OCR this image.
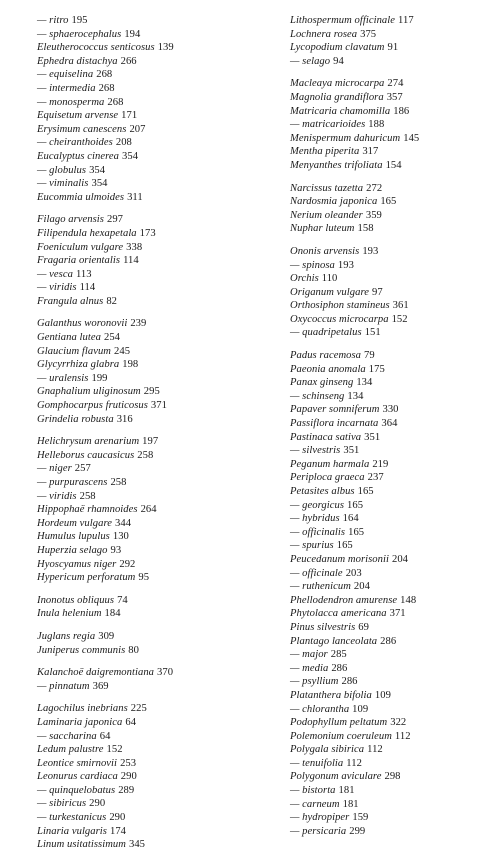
— ritro 195
— sphaerocephalus 194
Eleutherococcus senticosus 139
Ephedra distachya 266
— equiselina 268
— intermedia 268
— monosperma 268
Equisetum arvense 171
Erysimum canescens 207
— cheiranthoides 208
Eucalyptus cinerea 354
— globulus 354
— viminalis 354
Eucommia ulmoides 311
Filago arvensis 297
Filipendula hexapetala 173
Foeniculum vulgare 338
Fragaria orientalis 114
— vesca 113
— viridis 114
Frangula alnus 82
Galanthus woronovii 239
Gentiana lutea 254
Glaucium flavum 245
Glycyrrhiza glabra 198
— uralensis 199
Gnaphalium uliginosum 295
Gomphocarpus fruticosus 371
Grindelia robusta 316
Helichrysum arenarium 197
Helleborus caucasicus 258
— niger 257
— purpurascens 258
— viridis 258
Hippophaë rhamnoides 264
Hordeum vulgare 344
Humulus lupulus 130
Huperzia selago 93
Hyoscyamus niger 292
Hypericum perforatum 95
Inonotus obliquus 74
Inula helenium 184
Juglans regia 309
Juniperus communis 80
Kalanchoë daigremontiana 370
— pinnatum 369
Lagochilus inebrians 225
Laminaria japonica 64
— saccharina 64
Ledum palustre 152
Leontice smirnovii 253
Leonurus cardiaca 290
— quinquelobatus 289
— sibiricus 290
— turkestanicus 290
Linaria vulgaris 174
Linum usitatissimum 345
Lithospermum officinale 117
Lochnera rosea 375
Lycopodium clavatum 91
— selago 94
Macleaya microcarpa 274
Magnolia grandiflora 357
Matricaria chamomilla 186
— matricarioides 188
Menispermum dahuricum 145
Mentha piperita 317
Menyanthes trifoliata 154
Narcissus tazetta 272
Nardosmia japonica 165
Nerium oleander 359
Nuphar luteum 158
Ononis arvensis 193
— spinosa 193
Orchis 110
Origanum vulgare 97
Orthosiphon stamineus 361
Oxycoccus microcarpa 152
— quadripetalus 151
Padus racemosa 79
Paeonia anomala 175
Panax ginseng 134
— schinseng 134
Papaver somniferum 330
Passiflora incarnata 364
Pastinaca sativa 351
— silvestris 351
Peganum harmala 219
Periploca graeca 237
Petasites albus 165
— georgicus 165
— hybridus 164
— officinalis 165
— spurius 165
Peucedanum morisonii 204
— officinale 203
— ruthenicum 204
Phellodendron amurense 148
Phytolacca americana 371
Pinus silvestris 69
Plantago lanceolata 286
— major 285
— media 286
— psyllium 286
Platanthera bifolia 109
— chlorantha 109
Podophyllum peltatum 322
Polemonium coeruleum 112
Polygala sibirica 112
— tenuifolia 112
Polygonum aviculare 298
— bistorta 181
— carneum 181
— hydropiper 159
— persicaria 299
